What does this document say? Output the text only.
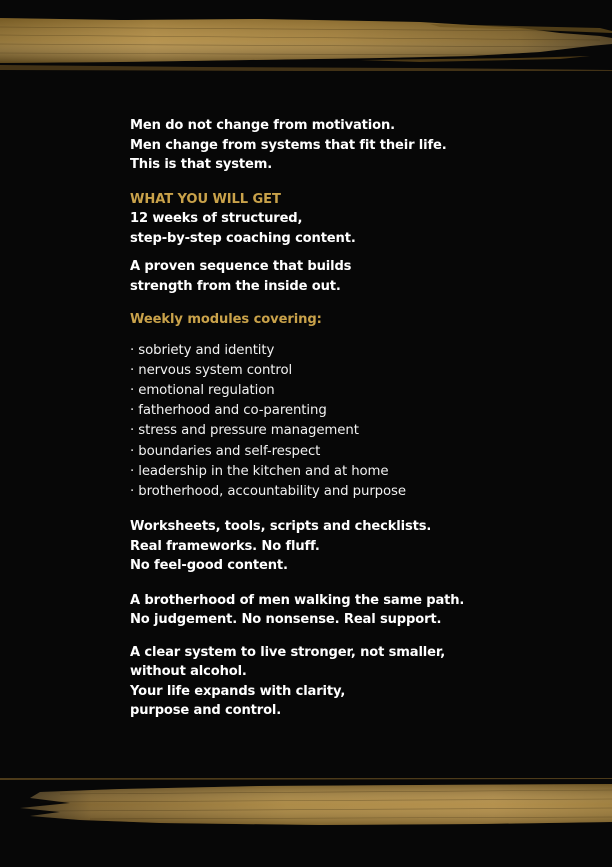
Men do not change from motivation.

Men change from systems that fit their life.

This is that system.

WHAT YOU WILL GET

12 weeks of structured,

step-by-step coaching content.

A proven sequence that builds

strength from the inside out.

Weekly modules covering:

· sobriety and identity
· nervous system control
· emotional regulation
· fatherhood and co-parenting
· stress and pressure management
· boundaries and self-respect
· leadership in the kitchen and at home
· brotherhood, accountability and purpose

Worksheets, tools, scripts and checklists.

Real frameworks. No fluff.

No feel-good content.

A brotherhood of men walking the same path.

No judgement. No nonsense. Real support.

A clear system to live stronger, not smaller,

without alcohol.

Your life expands with clarity,

purpose and control.
